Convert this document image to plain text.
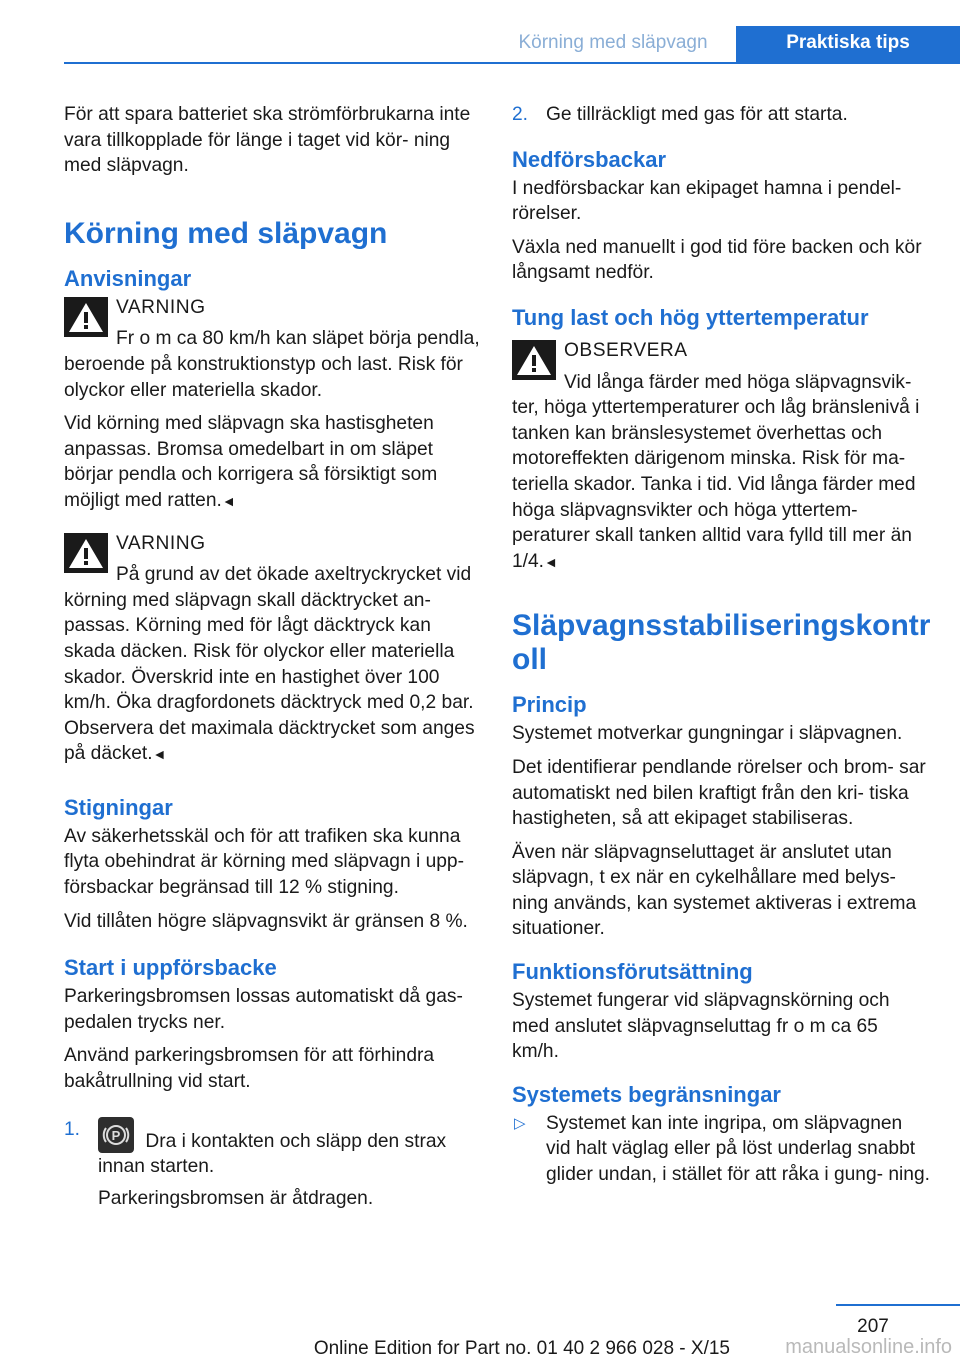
Körning med släpvagn	Praktiska tips

För att spara batteriet ska strömförbrukarna inte vara tillkopplade för länge i taget vid kör- ning med släpvagn.

Körning med släpvagn
Anvisningar
VARNING

Fr o m ca 80 km/h kan släpet börja pendla, beroende på konstruktionstyp och last. Risk för olyckor eller materiella skador.

Vid körning med släpvagn ska hastisgheten anpassas. Bromsa omedelbart in om släpet börjar pendla och korrigera så försiktigt som möjligt med ratten.◄

VARNING

På grund av det ökade axeltryckrycket vid körning med släpvagn skall däcktrycket an- passas. Körning med för lågt däcktryck kan skada däcken. Risk för olyckor eller materiella skador. Överskrid inte en hastighet över 100 km/h. Öka dragfordonets däcktryck med 0,2 bar. Observera det maximala däcktrycket som anges på däcket.◄

Stigningar

Av säkerhetsskäl och för att trafiken ska kunna flyta obehindrat är körning med släpvagn i upp- försbackar begränsad till 12 % stigning.

Vid tillåten högre släpvagnsvikt är gränsen 8 %.

Start i uppförsbacke

Parkeringsbromsen lossas automatiskt då gas- pedalen trycks ner.

Använd parkeringsbromsen för att förhindra bakåtrullning vid start.

1. P Dra i kontakten och släpp den strax innan starten.

Parkeringsbromsen är åtdragen.

2. Ge tillräckligt med gas för att starta.
Nedförsbackar

I nedförsbackar kan ekipaget hamna i pendel- rörelser.

Växla ned manuellt i god tid före backen och kör långsamt nedför.

Tung last och hög yttertemperatur
OBSERVERA

Vid långa färder med höga släpvagnsvik- ter, höga yttertemperaturer och låg bränslenivå i tanken kan bränslesystemet överhettas och motoreffekten därigenom minska. Risk för ma- teriella skador. Tanka i tid. Vid långa färder med höga släpvagnsvikter och höga yttertem- peraturer skall tanken alltid vara fylld till mer än 1/4.◄

Släpvagnsstabiliseringskontr oll
Princip

Systemet motverkar gungningar i släpvagnen.

Det identifierar pendlande rörelser och brom- sar automatiskt ned bilen kraftigt från den kri- tiska hastigheten, så att ekipaget stabiliseras.

Även när släpvagnseluttaget är anslutet utan släpvagn, t ex när en cykelhållare med belys- ning används, kan systemet aktiveras i extrema situationer.

Funktionsförutsättning

Systemet fungerar vid släpvagnskörning och med anslutet släpvagnseluttag fr o m ca 65 km/h.

Systemets begränsningar
▷ Systemet kan inte ingripa, om släpvagnen vid halt väglag eller på löst underlag snabbt glider undan, i stället för att råka i gung- ning.
207
Online Edition for Part no. 01 40 2 966 028 - X/15	manualsonline.info
